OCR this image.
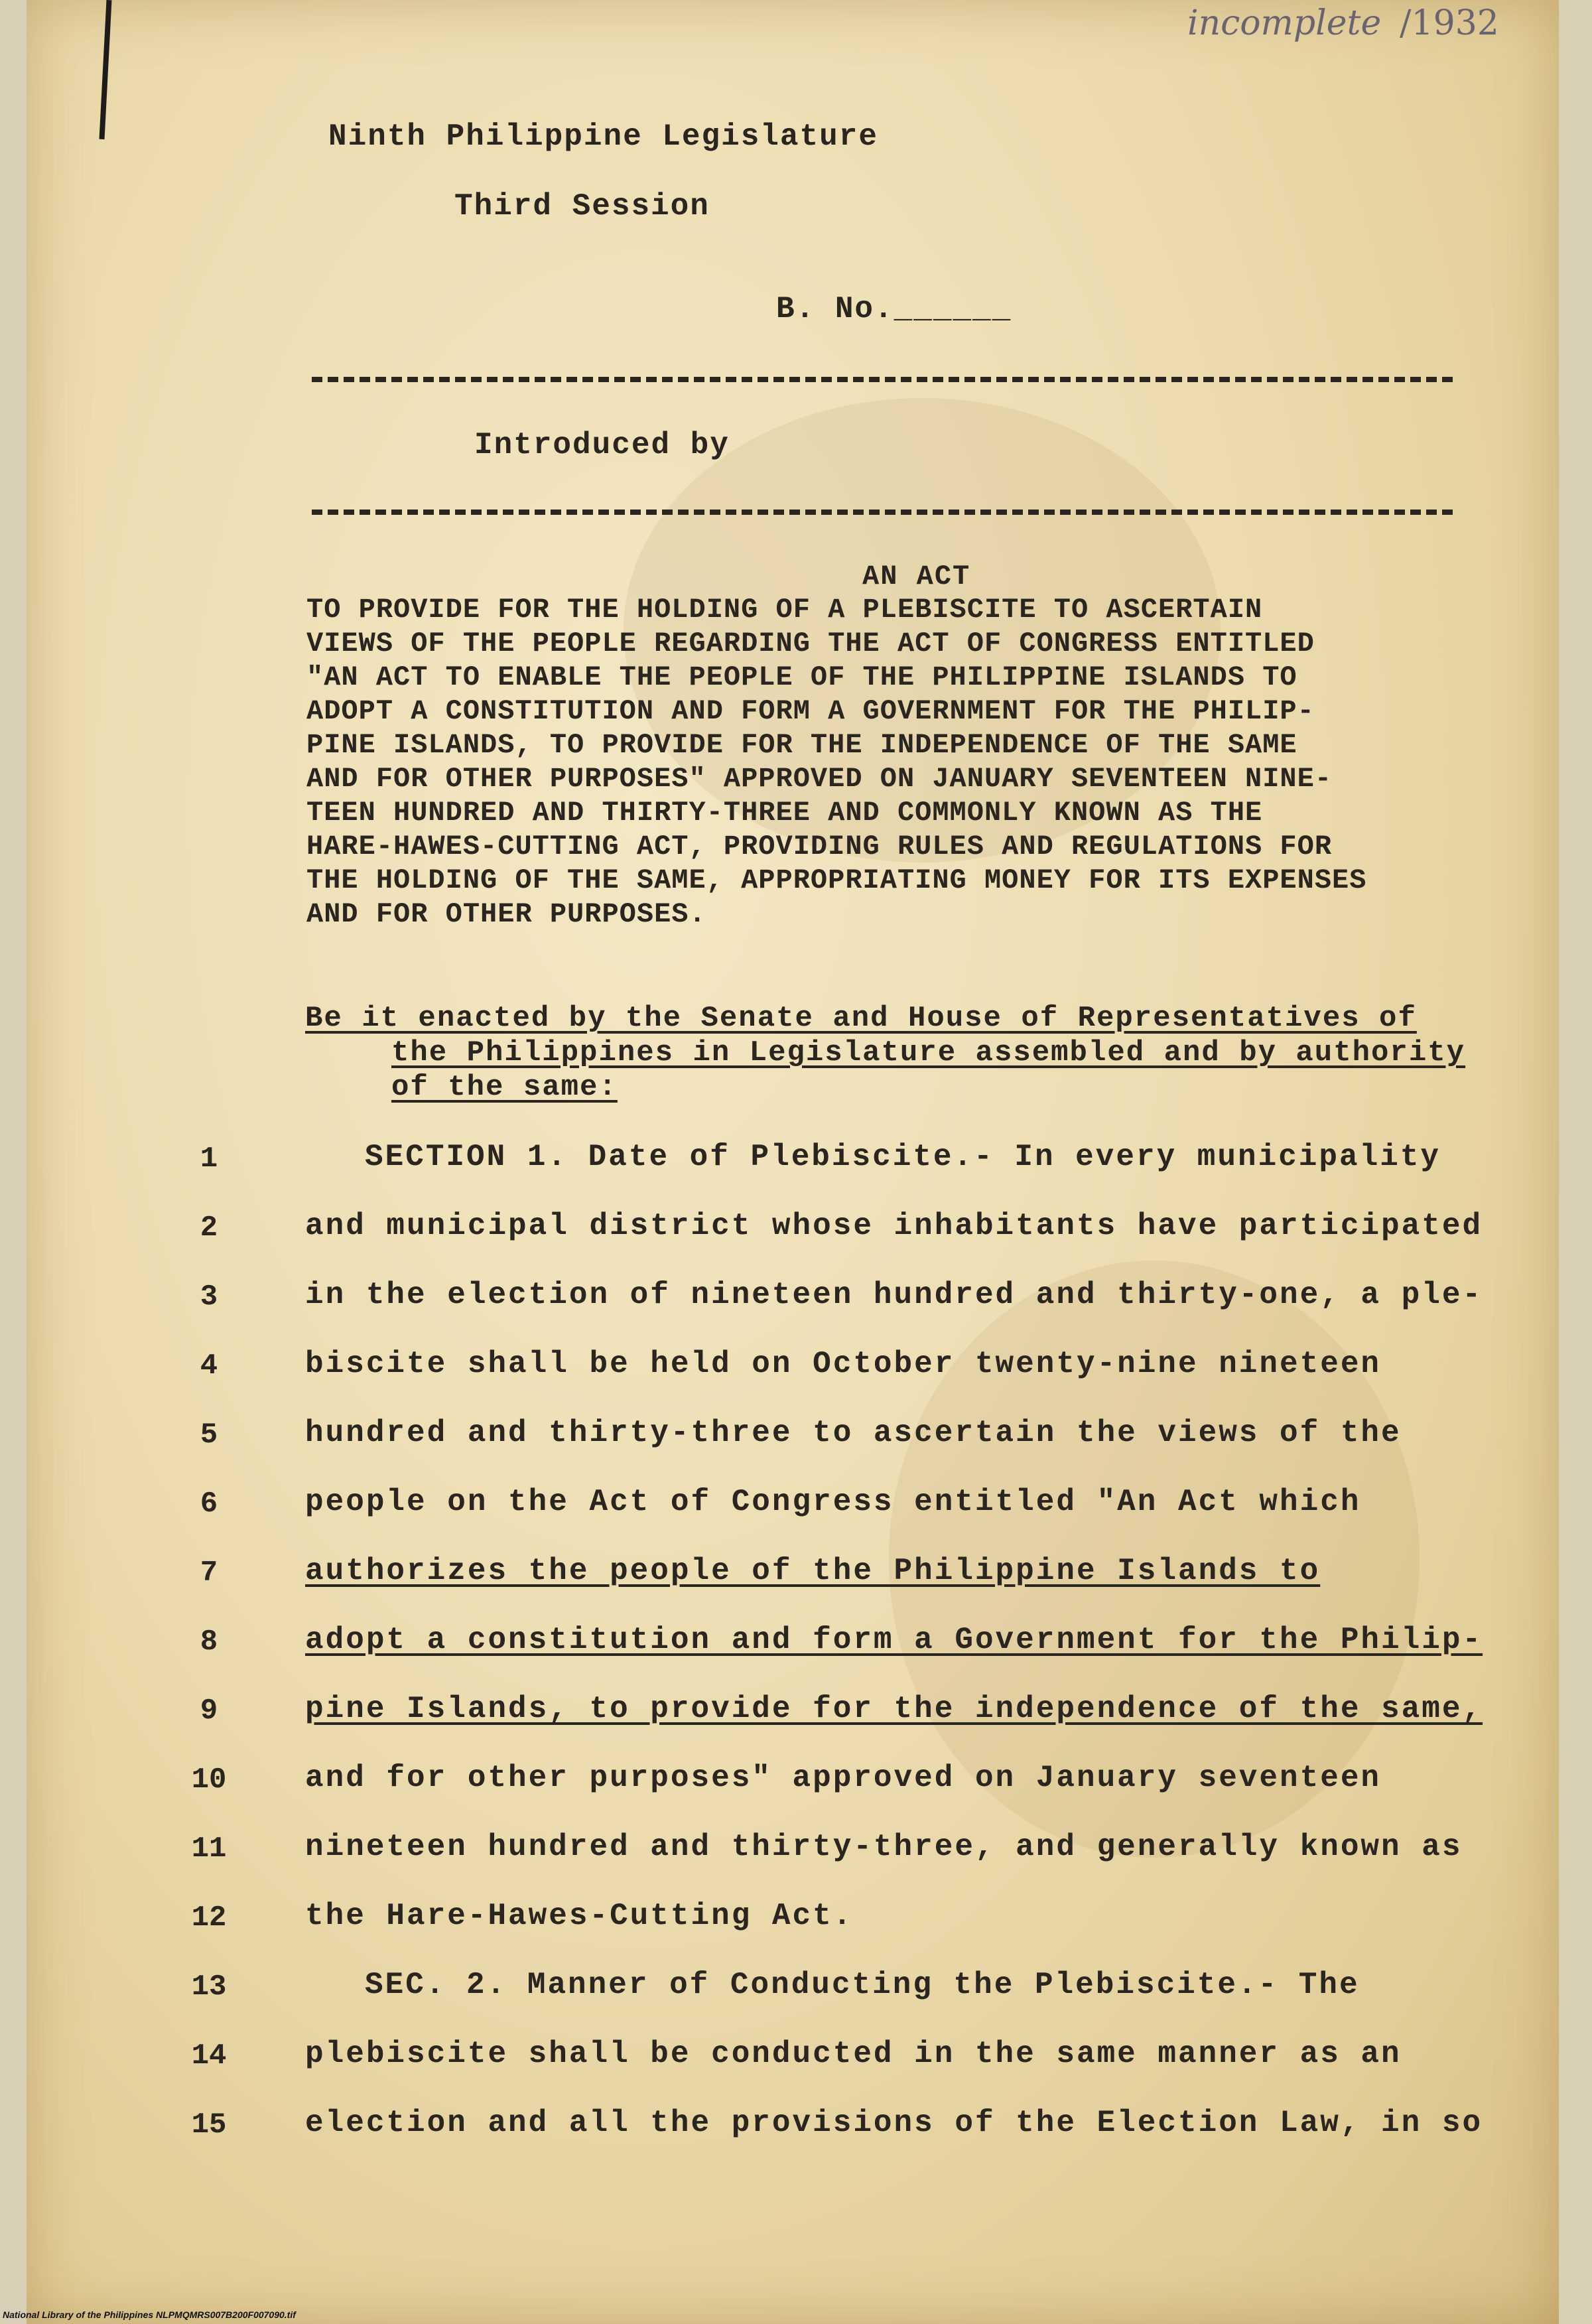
incomplete /1932
Ninth Philippine Legislature
Third Session
B. No.______
Introduced by
AN ACT
TO PROVIDE FOR THE HOLDING OF A PLEBISCITE TO ASCERTAIN
VIEWS OF THE PEOPLE REGARDING THE ACT OF CONGRESS ENTITLED
"AN ACT TO ENABLE THE PEOPLE OF THE PHILIPPINE ISLANDS TO
ADOPT A CONSTITUTION AND FORM A GOVERNMENT FOR THE PHILIP-
PINE ISLANDS, TO PROVIDE FOR THE INDEPENDENCE OF THE SAME
AND FOR OTHER PURPOSES" APPROVED ON JANUARY SEVENTEEN NINE-
TEEN HUNDRED AND THIRTY-THREE AND COMMONLY KNOWN AS THE
HARE-HAWES-CUTTING ACT, PROVIDING RULES AND REGULATIONS FOR
THE HOLDING OF THE SAME, APPROPRIATING MONEY FOR ITS EXPENSES
AND FOR OTHER PURPOSES.
Be it enacted by the Senate and House of Representatives of
the Philippines in Legislature assembled and by authority
of the same:
1	SECTION 1. Date of Plebiscite.- In every municipality
2	and municipal district whose inhabitants have participated
3	in the election of nineteen hundred and thirty-one, a ple-
4	biscite shall be held on October twenty-nine nineteen
5	hundred and thirty-three to ascertain the views of the
6	people on the Act of Congress entitled "An Act which
7	authorizes the people of the Philippine Islands to
8	adopt a constitution and form a Government for the Philip-
9	pine Islands, to provide for the independence of the same,
10	and for other purposes" approved on January seventeen
11	nineteen hundred and thirty-three, and generally known as
12	the Hare-Hawes-Cutting Act.
13	SEC. 2. Manner of Conducting the Plebiscite.- The
14	plebiscite shall be conducted in the same manner as an
15	election and all the provisions of the Election Law, in so
National Library of the Philippines NLPMQMRS007B200F007090.tif
